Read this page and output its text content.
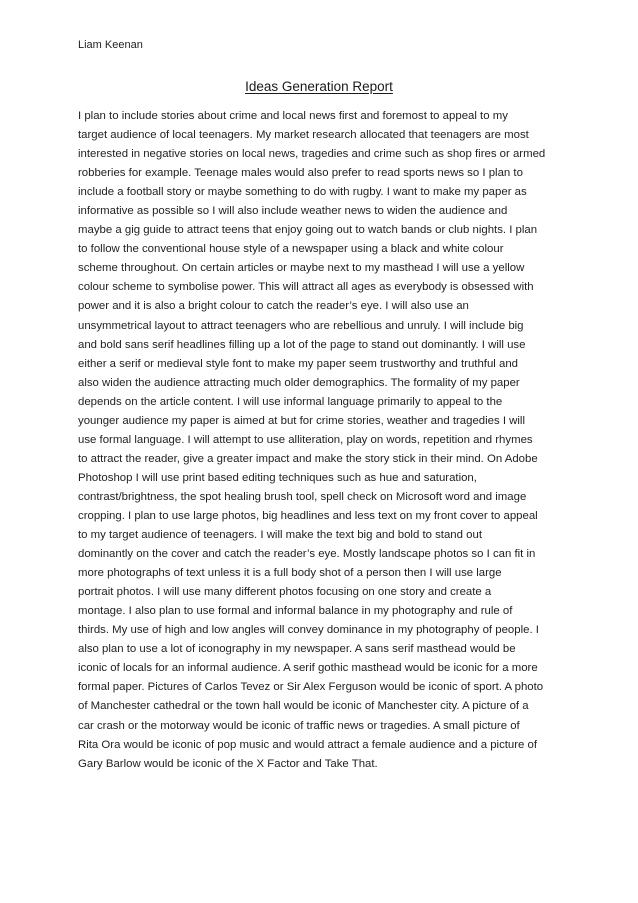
Liam Keenan
Ideas Generation Report
I plan to include stories about crime and local news first and foremost to appeal to my
target audience of local teenagers. My market research allocated that teenagers are most
interested in negative stories on local news, tragedies and crime such as shop fires or armed
robberies for example. Teenage males would also prefer to read sports news so I plan to
include a football story or maybe something to do with rugby. I want to make my paper as
informative as possible so I will also include weather news to widen the audience and
maybe a gig guide to attract teens that enjoy going out to watch bands or club nights. I plan
to follow the conventional house style of a newspaper using a black and white colour
scheme throughout. On certain articles or maybe next to my masthead I will use a yellow
colour scheme to symbolise power. This will attract all ages as everybody is obsessed with
power and it is also a bright colour to catch the reader’s eye. I will also use an
unsymmetrical layout to attract teenagers who are rebellious and unruly. I will include big
and bold sans serif headlines filling up a lot of the page to stand out dominantly. I will use
either a serif or medieval style font to make my paper seem trustworthy and truthful and
also widen the audience attracting much older demographics. The formality of my paper
depends on the article content. I will use informal language primarily to appeal to the
younger audience my paper is aimed at but for crime stories, weather and tragedies I will
use formal language. I will attempt to use alliteration, play on words, repetition and rhymes
to attract the reader, give a greater impact and make the story stick in their mind. On Adobe
Photoshop I will use print based editing techniques such as hue and saturation,
contrast/brightness, the spot healing brush tool, spell check on Microsoft word and image
cropping. I plan to use large photos, big headlines and less text on my front cover to appeal
to my target audience of teenagers. I will make the text big and bold to stand out
dominantly on the cover and catch the reader’s eye. Mostly landscape photos so I can fit in
more photographs of text unless it is a full body shot of a person then I will use large
portrait photos. I will use many different photos focusing on one story and create a
montage. I also plan to use formal and informal balance in my photography and rule of
thirds. My use of high and low angles will convey dominance in my photography of people. I
also plan to use a lot of iconography in my newspaper. A sans serif masthead would be
iconic of locals for an informal audience. A serif gothic masthead would be iconic for a more
formal paper. Pictures of Carlos Tevez or Sir Alex Ferguson would be iconic of sport. A photo
of Manchester cathedral or the town hall would be iconic of Manchester city. A picture of a
car crash or the motorway would be iconic of traffic news or tragedies. A small picture of
Rita Ora would be iconic of pop music and would attract a female audience and a picture of
Gary Barlow would be iconic of the X Factor and Take That.
